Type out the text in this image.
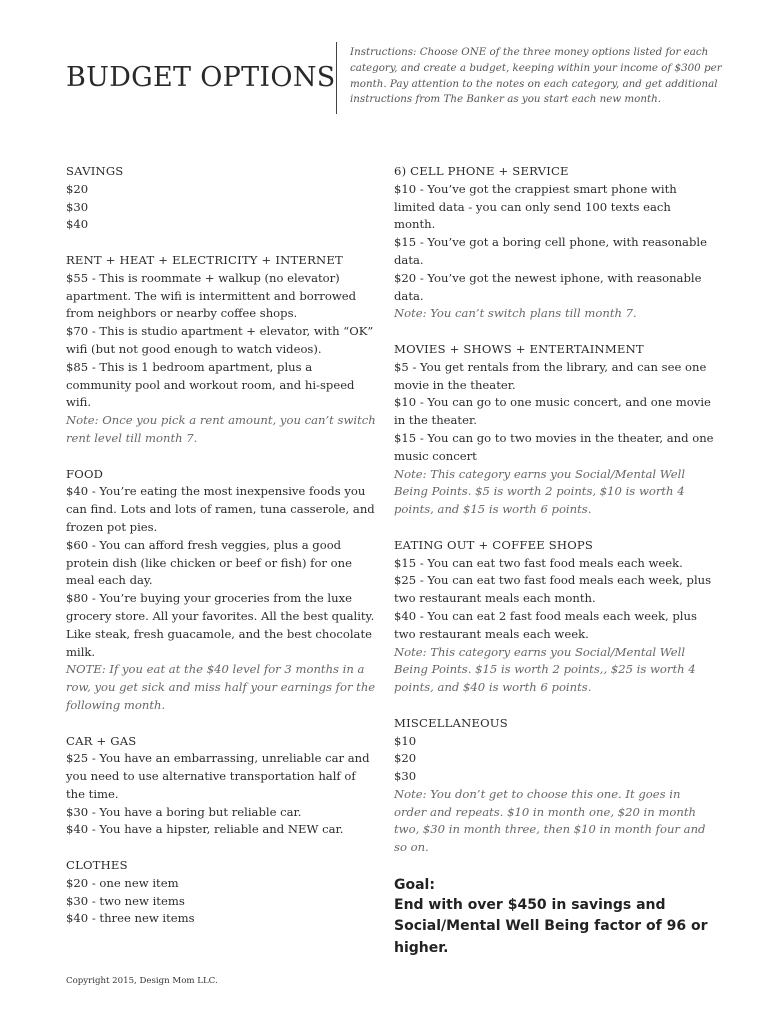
BUDGET OPTIONS
Instructions: Choose ONE of the three money options listed for each category, and create a budget, keeping within your income of $300 per month. Pay attention to the notes on each category, and get additional instructions from The Banker as you start each new month.
SAVINGS
$20
$30
$40
RENT + HEAT + ELECTRICITY + INTERNET
$55 - This is roommate + walkup (no elevator) apartment. The wifi is intermittent and borrowed from neighbors or nearby coffee shops.
$70 - This is studio apartment + elevator, with “OK” wifi (but not good enough to watch videos).
$85 - This is 1 bedroom apartment, plus a community pool and workout room, and hi-speed wifi.
Note: Once you pick a rent amount, you can’t switch rent level till month 7.
FOOD
$40 - You’re eating the most inexpensive foods you can find. Lots and lots of ramen, tuna casserole, and frozen pot pies.
$60 - You can afford fresh veggies, plus a good protein dish (like chicken or beef or fish) for one meal each day.
$80 - You’re buying your groceries from the luxe grocery store. All your favorites. All the best quality. Like steak, fresh guacamole, and the best chocolate milk.
NOTE: If you eat at the $40 level for 3 months in a row, you get sick and miss half your earnings for the following month.
CAR + GAS
$25 - You have an embarrassing, unreliable car and you need to use alternative transportation half of the time.
$30 - You have a boring but reliable car.
$40 - You have a hipster, reliable and NEW car.
CLOTHES
$20 - one new item
$30 - two new items
$40 - three new items
6) CELL PHONE + SERVICE
$10 - You’ve got the crappiest smart phone with limited data - you can only send 100 texts each month.
$15 - You’ve got a boring cell phone, with reasonable data.
$20 - You’ve got the newest iphone, with reasonable data.
Note: You can’t switch plans till month 7.
MOVIES + SHOWS + ENTERTAINMENT
$5 - You get rentals from the library, and can see one movie in the theater.
$10 - You can go to one music concert, and one movie in the theater.
$15 - You can go to two movies in the theater, and one music concert
Note: This category earns you Social/Mental Well Being Points. $5 is worth 2 points, $10 is worth 4 points, and $15 is worth 6 points.
EATING OUT + COFFEE SHOPS
$15 - You can eat two fast food meals each week.
$25 - You can eat two fast food meals each week, plus two restaurant meals each month.
$40 - You can eat 2 fast food meals each week, plus two restaurant meals each week.
Note: This category earns you Social/Mental Well Being Points. $15 is worth 2 points,, $25 is worth 4 points, and $40 is worth 6 points.
MISCELLANEOUS
$10
$20
$30
Note: You don’t get to choose this one. It goes in order and repeats. $10 in month one, $20 in month two, $30 in month three, then $10 in month four and so on.
Goal:
End with over $450 in savings and Social/Mental Well Being factor of 96 or higher.
Copyright 2015, Design Mom LLC.
